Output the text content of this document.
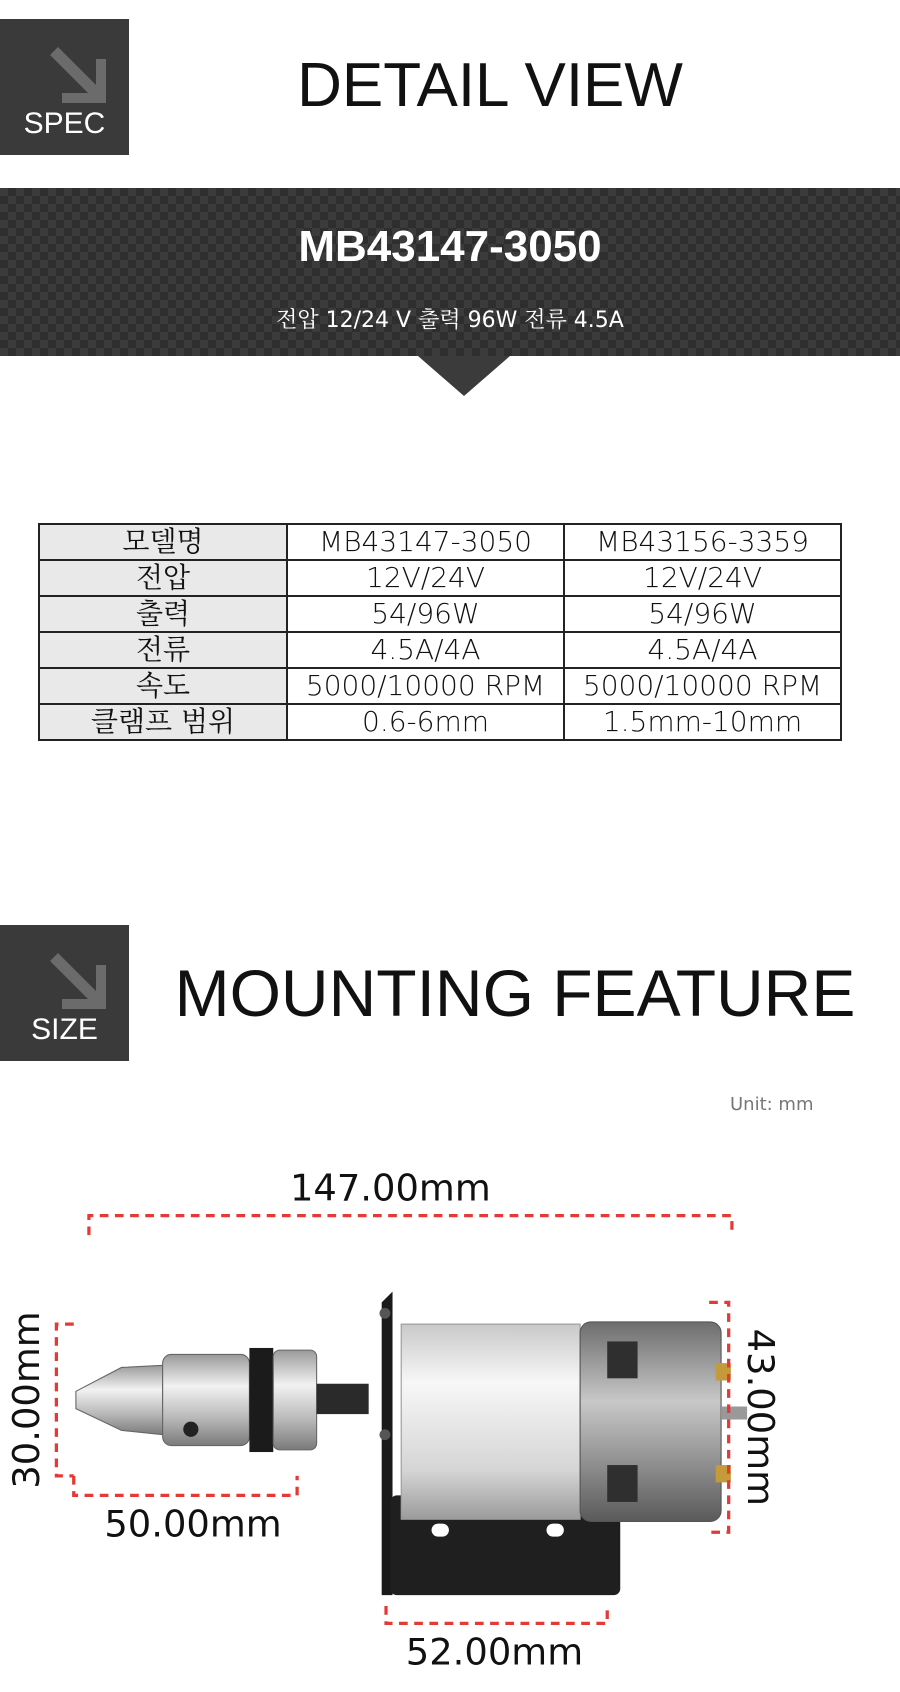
SPEC
DETAIL VIEW
MB43147-3050
전압 12/24 V 출력 96W 전류 4.5A
모델명	MB43147-3050	MB43156-3359
전압	12V/24V	12V/24V
출력	54/96W	54/96W
전류	4.5A/4A	4.5A/4A
속도	5000/10000 RPM	5000/10000 RPM
클램프 범위	0.6-6mm	1.5mm-10mm
SIZE	MOUNTING FEATURE
Unit: mm
147.00mm
30.00mm
50.00mm
52.00mm
43.00mm
